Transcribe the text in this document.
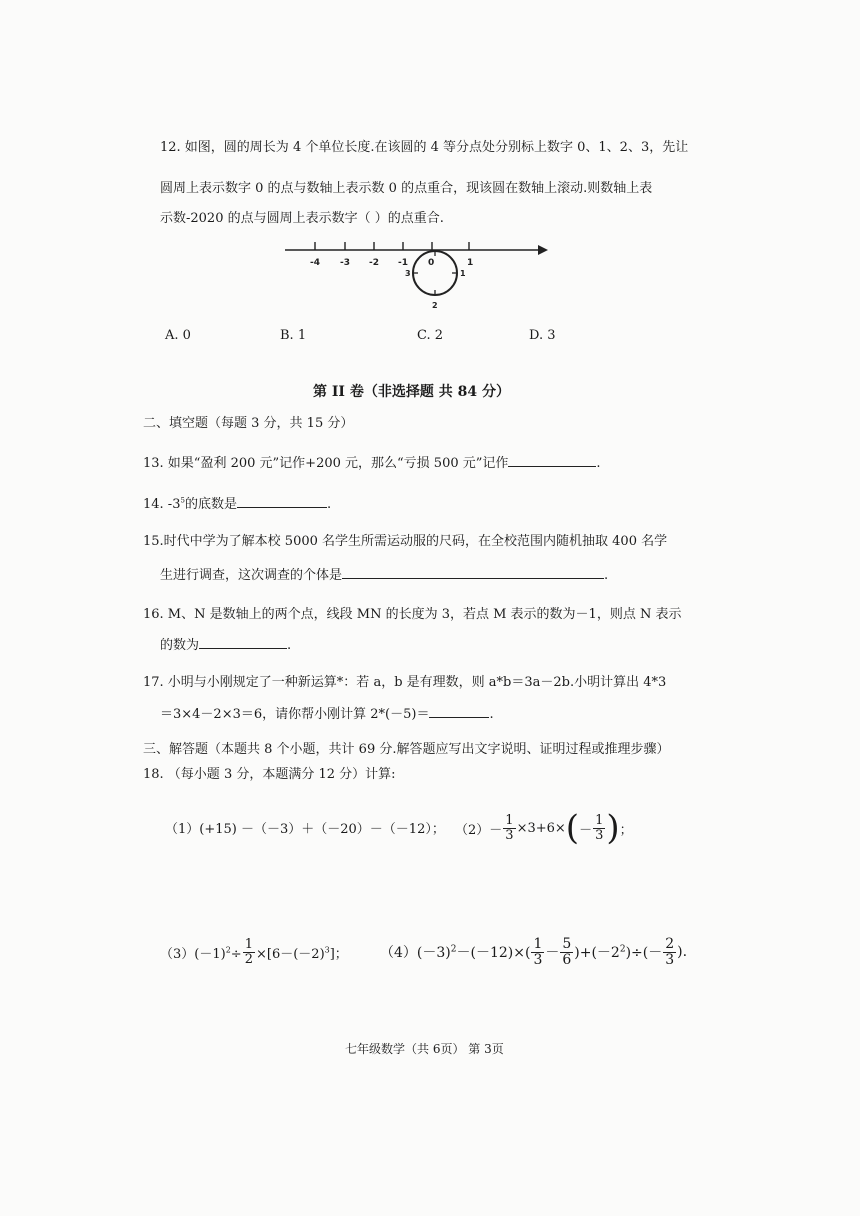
12. 如图，圆的周长为 4 个单位长度.在该圆的 4 等分点处分别标上数字 0、1、2、3，先让
圆周上表示数字 0 的点与数轴上表示数 0 的点重合，现该圆在数轴上滚动.则数轴上表
示数-2020 的点与圆周上表示数字（ ）的点重合.
-4 -3 -2 -1 0	1
1
2
3
A. 0	B. 1	C. 2	D. 3
第 II 卷（非选择题 共 84 分）
二、填空题（每题 3 分，共 15 分）
13. 如果“盈利 200 元”记作+200 元，那么“亏损 500 元”记作	.
14. $-3^5$的底数是	.
15.时代中学为了解本校 5000 名学生所需运动服的尺码，在全校范围内随机抽取 400 名学
生进行调查，这次调查的个体是	.
16. M、N 是数轴上的两个点，线段 MN 的长度为 3，若点 M 表示的数为－1，则点 N 表示
的数为	.
17. 小明与小刚规定了一种新运算*：若 a，b 是有理数，则 a*b＝3a－2b.小明计算出 4*3
＝3×4－2×3＝6，请你帮小刚计算 2*(－5)＝	.
三、解答题（本题共 8 个小题，共计 69 分.解答题应写出文字说明、证明过程或推理步骤）
18. （每小题 3 分，本题满分 12 分）计算:
（1）(+15) －（－3）＋（－20）－（－12）； $(2)- \frac{1}{3} \times 3+6\times$ ( － $\frac{1}{3}$ ) ；
（3） $(-1)^2\div \frac{1}{2} \times[6-(-2)^3]$； （4） $(-3)^2-(-12)\times( \frac{1}{3} - \frac{5}{6} )+(-2^2)\div(- \frac{2}{3}$ ).
七年级数学（共 6页） 第 3页
